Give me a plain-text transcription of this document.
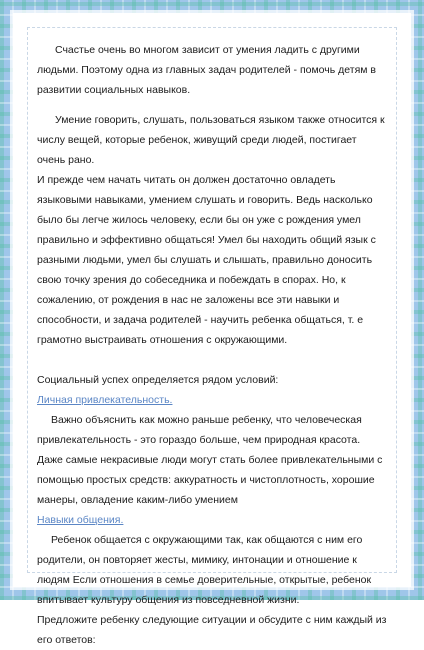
Счастье очень во многом зависит от умения ладить с другими людьми. Поэтому одна из главных задач родителей - помочь детям в развитии социальных навыков.

Умение говорить, слушать, пользоваться языком также относится к числу вещей, которые ребенок, живущий среди людей, постигает очень рано.

И прежде чем начать читать он должен достаточно овладеть языковыми навыками, умением слушать и говорить. Ведь насколько было бы легче жилось человеку, если бы он уже с рождения умел правильно и эффективно общаться! Умел бы находить общий язык с разными людьми, умел бы слушать и слышать, правильно доносить свою точку зрения до собеседника и побеждать в спорах. Но, к сожалению, от рождения в нас не заложены все эти навыки и способности, и задача родителей - научить ребенка общаться, т. е грамотно выстраивать отношения с окружающими.

Социальный успех определяется рядом условий:

Личная привлекательность.

Важно объяснить как можно раньше ребенку, что человеческая привлекательность - это гораздо больше, чем природная красота. Даже самые некрасивые люди могут стать более привлекательными с помощью простых средств: аккуратность и чистоплотность, хорошие манеры, овладение каким-либо умением

Навыки общения.

Ребенок общается с окружающими так, как общаются с ним его родители, он повторяет жесты, мимику, интонации и отношение к людям Если отношения в семье доверительные, открытые, ребенок впитывает культуру общения из повседневной жизни.

Предложите ребенку следующие ситуации и обсудите с ним каждый из его ответов:
